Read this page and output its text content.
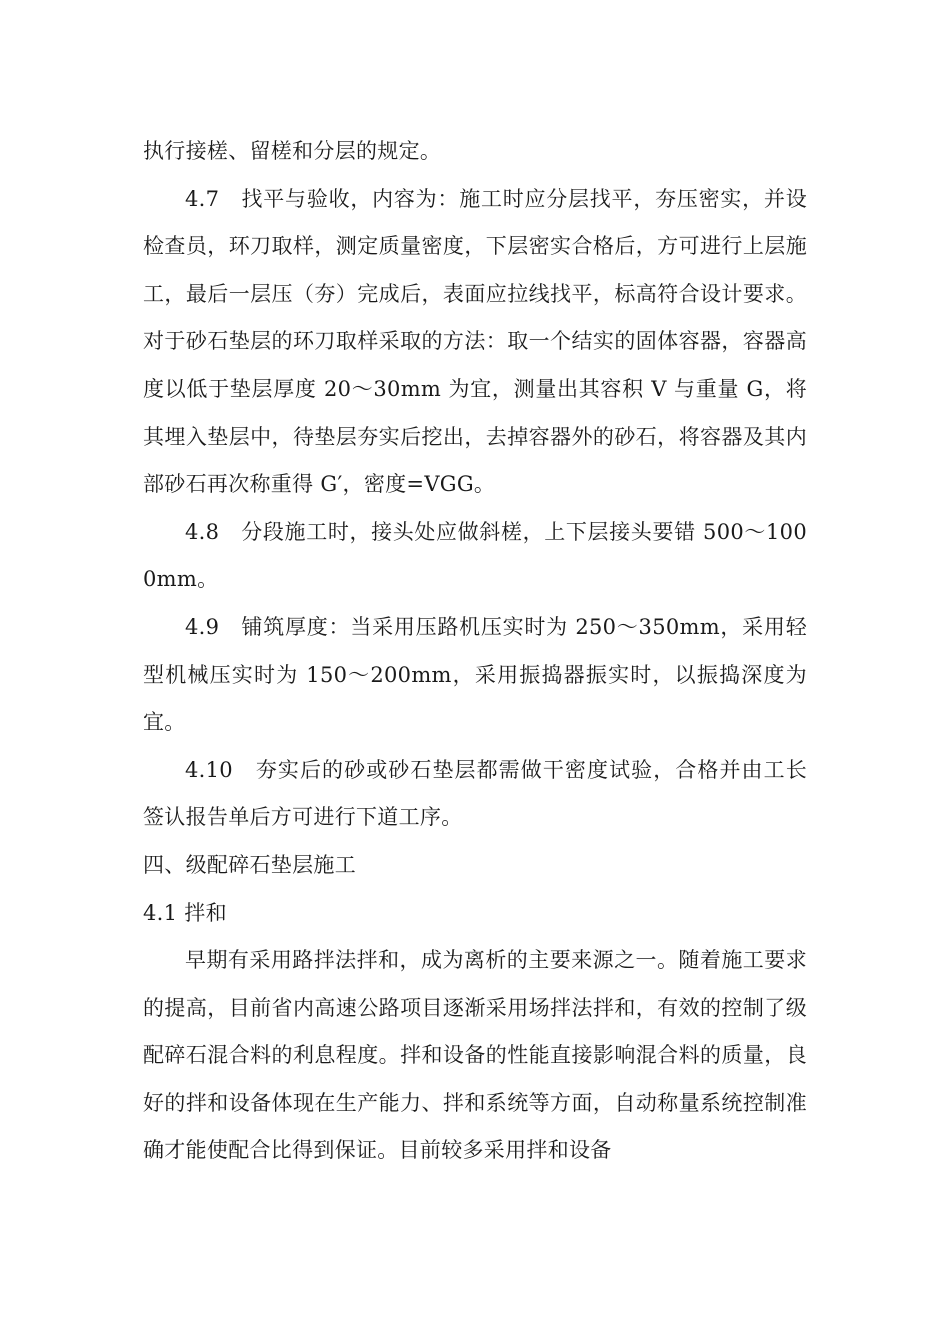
执行接槎、留槎和分层的规定。

4.7　找平与验收，内容为：施工时应分层找平，夯压密实，并设检查员，环刀取样，测定质量密度，下层密实合格后，方可进行上层施工，最后一层压（夯）完成后，表面应拉线找平，标高符合设计要求。对于砂石垫层的环刀取样采取的方法：取一个结实的固体容器，容器高度以低于垫层厚度 20～30mm 为宜，测量出其容积 V 与重量 G，将其埋入垫层中，待垫层夯实后挖出，去掉容器外的砂石，将容器及其内部砂石再次称重得 G′，密度=VGG。

4.8　分段施工时，接头处应做斜槎，上下层接头要错 500～1000mm。

4.9　铺筑厚度：当采用压路机压实时为 250～350mm，采用轻型机械压实时为 150～200mm，采用振捣器振实时，以振捣深度为宜。

4.10　夯实后的砂或砂石垫层都需做干密度试验，合格并由工长签认报告单后方可进行下道工序。

四、级配碎石垫层施工

4.1 拌和

早期有采用路拌法拌和，成为离析的主要来源之一。随着施工要求的提高，目前省内高速公路项目逐渐采用场拌法拌和，有效的控制了级配碎石混合料的利息程度。拌和设备的性能直接影响混合料的质量，良好的拌和设备体现在生产能力、拌和系统等方面，自动称量系统控制准确才能使配合比得到保证。目前较多采用拌和设备
